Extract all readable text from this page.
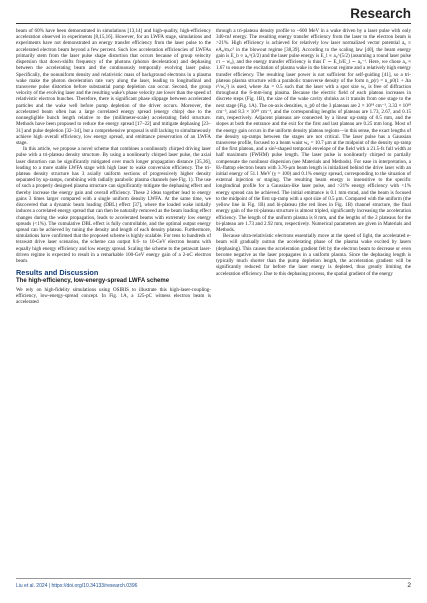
Research

beam of 60% have been demonstrated in simulations [13,14] and high-quality, high-efficiency acceleration observed in experiments [8,15,16]. However, for an LWFA stage, simulations and experiments have not demonstrated an energy transfer efficiency from the laser pulse to the accelerated electron beam beyond a few percent. Such low acceleration efficiencies of LWFAs primarily stem from the laser pulse shape distortion that occurs because of group velocity dispersion that down-shifts frequency of the photons (photon deceleration) and dephasing between the accelerating beam and the continuously temporally evolving laser pulse. Specifically, the nonuniform density and relativistic mass of background electrons in a plasma wake make the photon deceleration rate vary along the laser, leading to longitudinal and transverse pulse distortion before substantial pump depletion can occur. Second, the group velocity of the evolving laser and the resulting wake's phase velocity are lower than the speed of relativistic electron bunches. Therefore, there is significant phase slippage between accelerated particles and the wake well before pump depletion of the driver occurs. Moreover, the accelerated beam often has a large correlated energy spread (energy chirp) due to the nonnegligible bunch length relative to the (millimeter-scale) accelerating field structure. Methods have been proposed to reduce the energy spread [17–22] and mitigate dephasing [23–31] and pulse depletion [32–34], but a comprehensive proposal is still lacking to simultaneously achieve high overall efficiency, low energy spread, and emittance preservation of an LWFA stage.

In this article, we propose a novel scheme that combines a nonlinearly chirped driving laser pulse with a tri-plateau density structure. By using a nonlinearly chirped laser pulse, the axial laser distortion can be significantly mitigated over much longer propagation distance [35,36], leading to a more stable LWFA stage with high laser to wake conversion efficiency. The tri-plateau density structure has 3 axially uniform sections of progressively higher density separated by up-ramps, combining with radially parabolic plasma channels (see Fig. 1). The use of such a properly designed plasma structure can significantly mitigate the dephasing effect and thereby increase the energy gain and overall efficiency. These 2 ideas together lead to energy gains 3 times larger compared with a single uniform density LWFA. At the same time, we discovered that a dynamic beam loading (DBL) effect [37], where the loaded wake initially induces a correlated energy spread that can then be naturally removed as the beam loading effect changes during the wake propagation, leads to accelerated beams with extremely low energy spreads (<1%). The cumulative DBL effect is fully controllable, and the optimal output energy spread can be achieved by tuning the density and length of each density plateau. Furthermore, simulations have confirmed that the proposed scheme is highly scalable. For tens to hundreds of terawatt drive laser scenarios, the scheme can output 0.6- to 10-GeV electron beams with equally high energy efficiency and low energy spread. Scaling the scheme to the petawatt laser-driven regime is expected to result in a remarkable 100-GeV energy gain of a 2-nC electron beam.

Results and Discussion
The high-efficiency, low-energy-spread LWFA scheme

We rely on high-fidelity simulations using OSIRIS to illustrate this high-laser-coupling-efficiency, low-energy-spread concept. In Fig. 1A, a 125-pC witness electron beam is accelerated

through a tri-plateau density profile to ~600 MeV in a wake driven by a laser pulse with only 340-mJ energy. The resulting energy transfer efficiency from the laser to the electron beam is >21%. High efficiency is achieved for relatively low laser normalized vector potential a₀ ≡ eA₀/mₑc² in the blowout regime [38,39]. According to the scaling law [40], the beam energy gain is E_b ∝ a₀^(3/2) and the laser pulse energy is E_l ∝ a₀^(5/2) (assuming a round laser pulse cτ ~ w₀), and the energy transfer efficiency is thus Γ ∼ E_b/E_l ∼ a₀⁻¹. Here, we chose a₀ ≈ 1.67 to ensure the excitation of plasma wake in the blowout regime and a relatively high energy transfer efficiency. The resulting laser power is not sufficient for self-guiding [41], so a tri-plateau plasma structure with a parabolic transverse density of the form n_p(r) = n_p0(1 + Δn r²/w₀²) is used, where Δn = 0.5 such that the laser with a spot size w₀ is free of diffraction throughout the 6-mm-long plasma. Because the electric field of each plateau increases in discrete steps (Fig. 1B), the size of the wake cavity shrinks as it transits from one stage to the next stage (Fig. 1A). The on-axis densities, n_p0 of the 3 plateaus are 2 × 10¹⁸ cm⁻³, 3.33 × 10¹⁸ cm⁻³, and 8.3 × 10¹⁸ cm⁻³, and the corresponding lengths of plateaus are 1.73, 2.67, and 0.15 mm, respectively. Adjacent plateaus are connected by a linear up-ramp of 0.5 mm, and the slopes at both the entrance and the exit for the first and last plateau are 0.25 mm long. Most of the energy gain occurs in the uniform density plateau regions—in this sense, the exact lengths of the density up-ramps between the stages are not critical. The laser pulse has a Gaussian transverse profile, focused to a beam waist w₀ = 10.7 μm at the midpoint of the density up-ramp of the first plateau, and a sin²-shaped temporal envelope of the field with a 21.5-fs full width at half maximum (FWHM) pulse length. The laser pulse is nonlinearly chirped to partially compensate the nonlinear dispersion (see Materials and Methods). For ease in interpretation, a 8λ-flattop electron beam with 3.76-μm beam length is initialized behind the drive laser with an initial energy of 51.1 MeV (γ = 100) and 0.1% energy spread, corresponding to the situation of external injection or staging. The resulting beam energy is insensitive to the specific longitudinal profile for a Gaussian-like laser pulse, and >21% energy efficiency with <1% energy spread can be achieved. The initial emittance is 0.1 mm·mrad, and the beam is focused to the midpoint of the first up-ramp with a spot size of 0.5 μm. Compared with the uniform (the yellow line in Fig. 1B) and bi-plateau (the red lines in Fig. 1B) channel structure, the final energy gain of the tri-plateau structure is almost tripled, significantly increasing the acceleration efficiency. The length of the uniform plasma is 8 mm, and the lengths of the 2 plateaus for the bi-plateau are 1.73 and 2.92 mm, respectively. Numerical parameters are given in Materials and Methods.

Because ultra-relativistic electrons essentially move at the speed of light, the accelerated e-beam will gradually outrun the accelerating phase of the plasma wake excited by lasers (dephasing). This causes the acceleration gradient felt by the electron beam to decrease or even become negative as the laser propagates in a uniform plasma. Since the dephasing length is typically much shorter than the pump depletion length, the acceleration gradient will be significantly reduced far before the laser energy is depleted, thus greatly limiting the acceleration efficiency. Due to this dephasing process, the spatial gradient of the energy

Liu et al. 2024 | https://doi.org/10.34133/research.0396	2
